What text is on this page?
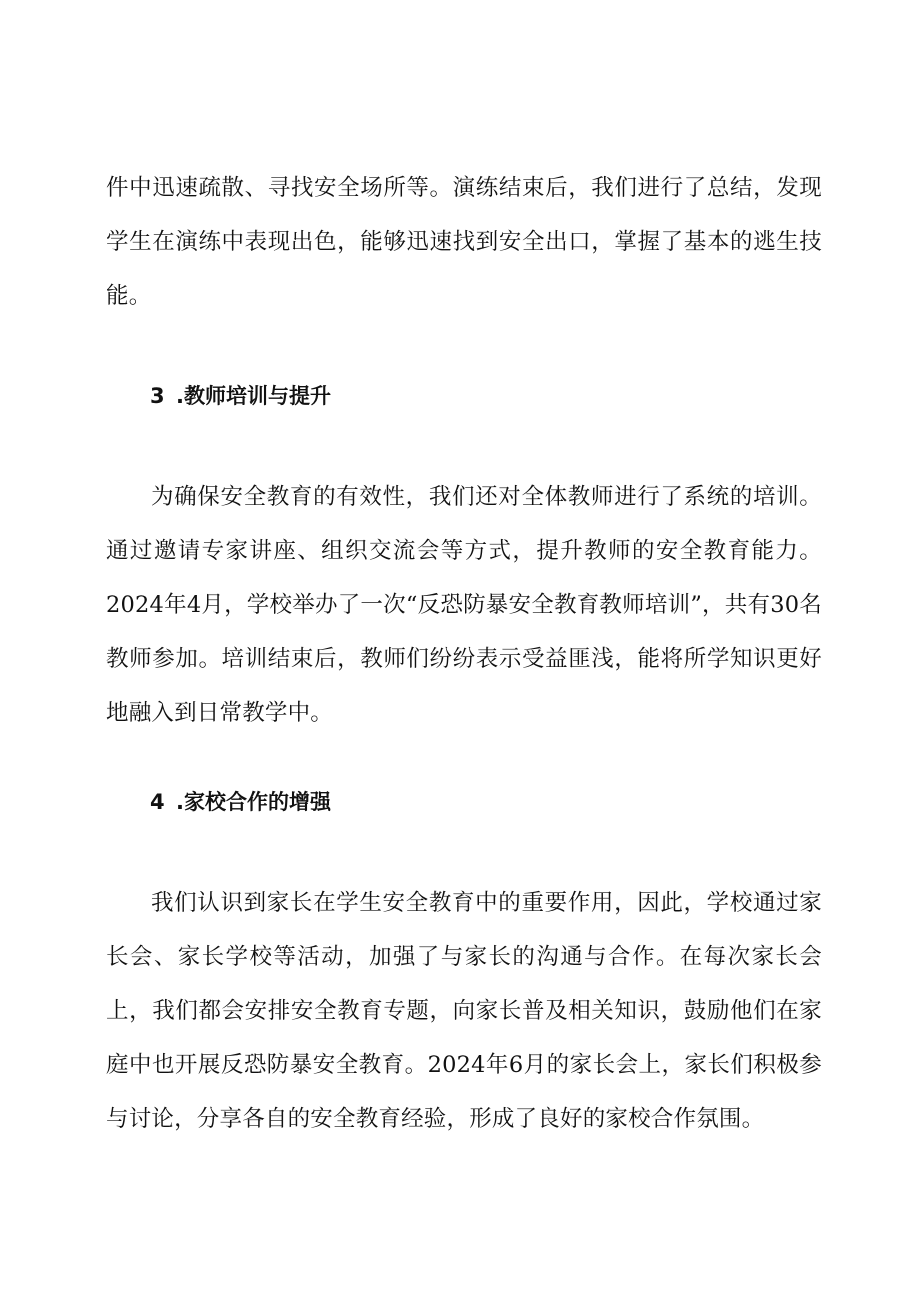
件中迅速疏散、寻找安全场所等。演练结束后，我们进行了总结，发现学生在演练中表现出色，能够迅速找到安全出口，掌握了基本的逃生技能。

3 .教师培训与提升

为确保安全教育的有效性，我们还对全体教师进行了系统的培训。通过邀请专家讲座、组织交流会等方式，提升教师的安全教育能力。2024年4月，学校举办了一次“反恐防暴安全教育教师培训”，共有30名教师参加。培训结束后，教师们纷纷表示受益匪浅，能将所学知识更好地融入到日常教学中。

4 .家校合作的增强

我们认识到家长在学生安全教育中的重要作用，因此，学校通过家长会、家长学校等活动，加强了与家长的沟通与合作。在每次家长会上，我们都会安排安全教育专题，向家长普及相关知识，鼓励他们在家庭中也开展反恐防暴安全教育。2024年6月的家长会上，家长们积极参与讨论，分享各自的安全教育经验，形成了良好的家校合作氛围。
